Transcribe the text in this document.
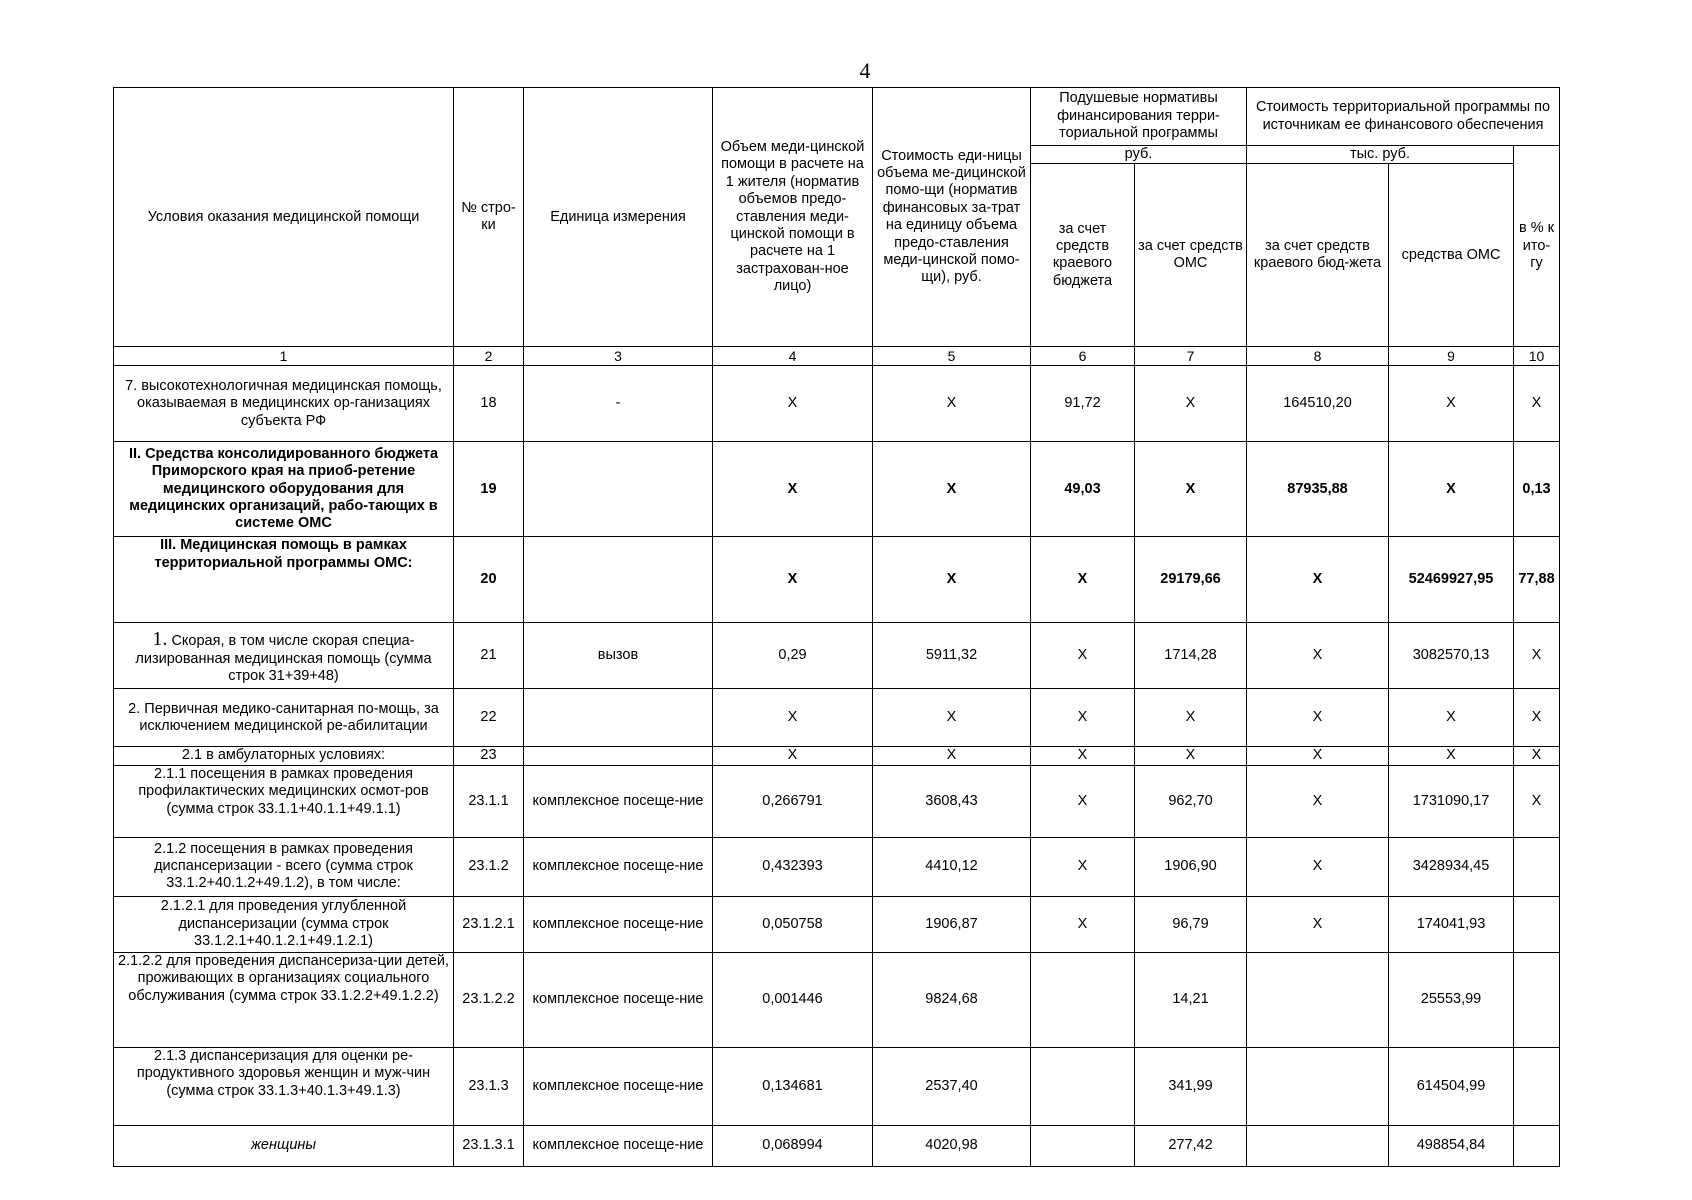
4
Условия оказания медицинской помощи	№ стро-ки	Единица измерения	Объем меди-цинской помощи в расчете на 1 жителя (норматив объемов предо-ставления меди-цинской помощи в расчете на 1 застрахован-ное лицо)	Стоимость еди-ницы объема ме-дицинской помо-щи (норматив финансовых за-трат на единицу объема предо-ставления меди-цинской помо-щи), руб.	Подушевые нормативы финансирования терри-ториальной программы		Стоимость территориальной программы по источникам ее финансового обеспечения		
					руб.		тыс. руб.		в % к ито-гу
					за счет средств краевого бюджета	за счет средств ОМС	за счет средств краевого бюд-жета	средства ОМС	
1	2	3	4	5	6	7	8	9	10
7. высокотехнологичная медицинская помощь, оказываемая в медицинских ор-ганизациях субъекта РФ	18	-	X	X	91,72	X	164510,20	X	X
II. Средства консолидированного бюджета Приморского края на приоб-ретение медицинского оборудования для медицинских организаций, рабо-тающих в системе ОМС	19		X	X	49,03	X	87935,88	X	0,13
III. Медицинская помощь в рамках территориальной программы ОМС:	20		X	X	X	29179,66	X	52469927,95	77,88
1. Скорая, в том числе скорая специа-лизированная медицинская помощь (сумма строк 31+39+48)	21	вызов	0,29	5911,32	X	1714,28	X	3082570,13	X
2. Первичная медико-санитарная по-мощь, за исключением медицинской ре-абилитации	22		X	X	X	X	X	X	X
2.1 в амбулаторных условиях:	23		X	X	X	X	X	X	X
2.1.1 посещения в рамках проведения профилактических медицинских осмот-ров (сумма строк 33.1.1+40.1.1+49.1.1)	23.1.1	комплексное посеще-ние	0,266791	3608,43	X	962,70	X	1731090,17	X
2.1.2 посещения в рамках проведения диспансеризации - всего (сумма строк 33.1.2+40.1.2+49.1.2), в том числе:	23.1.2	комплексное посеще-ние	0,432393	4410,12	X	1906,90	X	3428934,45	
2.1.2.1 для проведения углубленной диспансеризации (сумма строк 33.1.2.1+40.1.2.1+49.1.2.1)	23.1.2.1	комплексное посеще-ние	0,050758	1906,87	X	96,79	X	174041,93	
2.1.2.2 для проведения диспансериза-ции детей, проживающих в организациях социального обслуживания (сумма строк 33.1.2.2+49.1.2.2)	23.1.2.2	комплексное посеще-ние	0,001446	9824,68		14,21		25553,99	
2.1.3 диспансеризация для оценки ре-продуктивного здоровья женщин и муж-чин (сумма строк 33.1.3+40.1.3+49.1.3)	23.1.3	комплексное посеще-ние	0,134681	2537,40		341,99		614504,99	
женщины	23.1.3.1	комплексное посеще-ние	0,068994	4020,98		277,42		498854,84	
